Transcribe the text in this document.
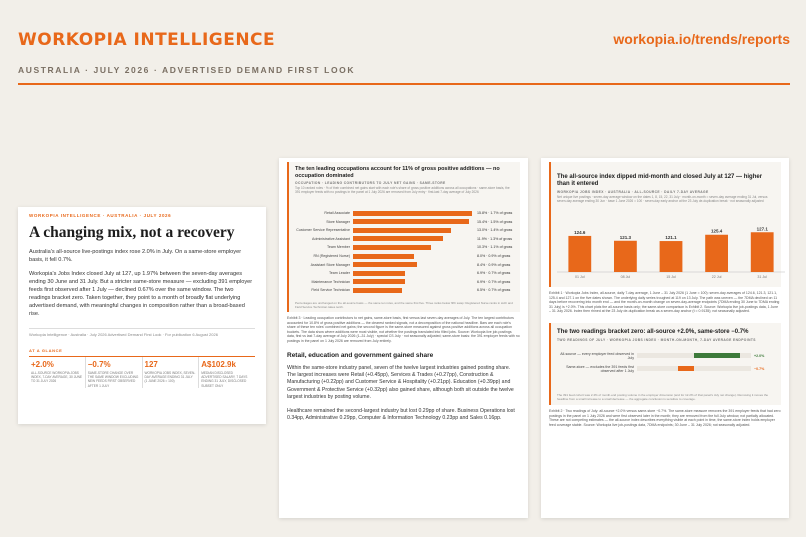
WORKOPIA INTELLIGENCE	workopia.io/trends/reports
AUSTRALIA · JULY 2026 · ADVERTISED DEMAND FIRST LOOK
WORKOPIA INTELLIGENCE · AUSTRALIA · JULY 2026
A changing mix, not a recovery
Australia's all-source live-postings index rose 2.0% in July. On a same-store employer basis, it fell 0.7%.
Workopia's Jobs Index closed July at 127, up 1.97% between the seven-day averages ending 30 June and 31 July. But a stricter same-store measure — excluding 391 employer feeds first observed after 1 July — declined 0.67% over the same window. The two readings bracket zero. Taken together, they point to a month of broadly flat underlying advertised demand, with meaningful changes in composition rather than a broad-based rise.
Workopia Intelligence · Australia · July 2026 Advertised Demand First Look · For publication 6 August 2026
AT A GLANCE
+2.0%
ALL-SOURCE WORKOPIA JOBS INDEX, 7-DAY AVERAGE, 30 JUNE TO 31 JULY 2026
−0.7%
SAME-STORE CHANGE OVER THE SAME WINDOW EXCLUDING NEW FEEDS FIRST OBSERVED AFTER 1 JULY
127
WORKOPIA JOBS INDEX, SEVEN-DAY AVERAGE ENDING 31 JULY (1 JUNE 2026 = 100)
A$102.9k
MEDIAN DISCLOSED ADVERTISED SALARY, 7 DAYS ENDING 31 JULY, DISCLOSED SUBSET ONLY
The ten leading occupations account for 11% of gross positive additions — no occupation dominated
OCCUPATION · LEADING CONTRIBUTORS TO JULY NET GAINS · SAME-STORE
Top 10 ranked roles · % of their combined net gains start with each role's share of gross positive additions across all occupations · same-store basis, the 391 employer feeds with no postings in the panel at 1 July 2026 are removed from July entry · first-last 7-day average of July 2026
Percentages are unchanged on the all-source basis — the same ten roles, and the same first five. Three ranks below fifth swap: Registered Nurse ranks in sixth and Field Service Technician takes tenth.
Retail Associate	15.8% · 1.7% of gross
Store Manager	15.4% · 1.5% of gross
Customer Service Representative	13.0% · 1.4% of gross
Administrative Assistant	11.9% · 1.3% of gross
Team Member	10.3% · 1.1% of gross
RN (Registered Nurse)	8.0% · 0.9% of gross
Assistant Store Manager	8.4% · 0.9% of gross
Team Leader	6.9% · 0.7% of gross
Maintenance Technician	6.9% · 0.7% of gross
Field Service Technician	6.5% · 0.7% of gross
Exhibit 3 · Leading occupation contributors to net gains, same-store basis, first versus last seven-day averages of July. The ten largest contributors accounted for 10.8% of gross positive additions — the clearest ranked signals, not a decomposition of the national headline. Bars are each role's share of these ten roles' combined net gains; the second figure is the same-store measured against gross positive additions across all occupation buckets. The data show where additions were most visible, not whether the postings translated into filled jobs. Source: Workopia live job-postings data, first vs last 7-day average of July 2026 (1–31 July) · special CS July · not seasonally adjusted; same-store basis: the 391 employer feeds with no postings in the panel on 1 July 2026 are removed from July entirely.
Retail, education and government gained share
Within the same-store industry panel, seven of the twelve largest industries gained posting share. The largest increases were Retail (+0.45pp), Services & Trades (+0.27pp), Construction & Manufacturing (+0.22pp) and Customer Service & Hospitality (+0.21pp). Education (+0.39pp) and Government & Protective Service (+0.32pp) also gained share, although both sit outside the twelve largest industries by posting volume.
Healthcare remained the second-largest industry but lost 0.29pp of share. Business Operations lost 0.34pp, Administrative 0.29pp, Computer & Information Technology 0.23pp and Sales 0.16pp.
The all-source index dipped mid-month and closed July at 127 — higher than it entered
WORKOPIA JOBS INDEX · AUSTRALIA · ALL-SOURCE · DAILY 7-DAY AVERAGE
Net unique live postings · seven-day average window on the dates 1, 8, 15, 22, 31 July · month-on-month = seven-day average ending 31 Jul, versus seven-day average ending 30 Jun · base 1 June 2026 = 100 · seven-day early anchor at the 23 July de-duplication break · not seasonally adjusted
124.6
01 Jul
121.3
08 Jul
121.1
15 Jul
125.4
22 Jul
127.1
31 Jul
Exhibit 1 · Workopia Jobs Index, all-source, daily 7-day average, 1 June – 31 July 2026 (1 June = 100): seven-day averages of 124.6, 121.3, 121.1, 125.4 and 127.1 on the five dates shown. The underlying daily series troughed at 119 on 13 July. The path was uneven — the 7DMA declined on 11 days before recovering into month end — and the month-on-month change on seven-day-average endpoints (7DMA ending 30 June to 7DMA ending 31 July) is +2.0%. This chart plots the all-source basis only; the same-store comparison is Exhibit 2. Source: Workopia live job-postings data, 1 June – 31 July 2026. Index then rhined at the 23 July de-duplication break as a seven-day anchor (t = 0.9135); not seasonally adjusted.
The two readings bracket zero: all-source +2.0%, same-store −0.7%
TWO READINGS OF JULY · WORKOPIA JOBS INDEX · MONTH-ON-MONTH, 7-DAY AVERAGE ENDPOINTS
The 391 feed cohort was 2.4% of month-end posting volume in the employer dimension (and for 12.2% of that panel's July net change). Removing it moves the headline from a small increase to a small decrease — the aggregate conclusion is sensitive to coverage.
All-source — every employer feed observed in July	+2.0%
Same-store — excludes the 391 feeds first observed after 1 July	−0.7%
Exhibit 2 · Two readings of July: all-source +2.0% versus same-store −0.7%. The same-store measure removes the 391 employer feeds that had zero postings in the panel on 1 July 2026 and were first observed later in the month; they are removed from the full July window, not partially allocated. These are not competing estimates — the all-source index describes everything visible at each point in time, the same-store index holds employer feed coverage stable. Source: Workopia live job-postings data, 7DMA endpoints; 30 June – 31 July 2026; not seasonally adjusted.
